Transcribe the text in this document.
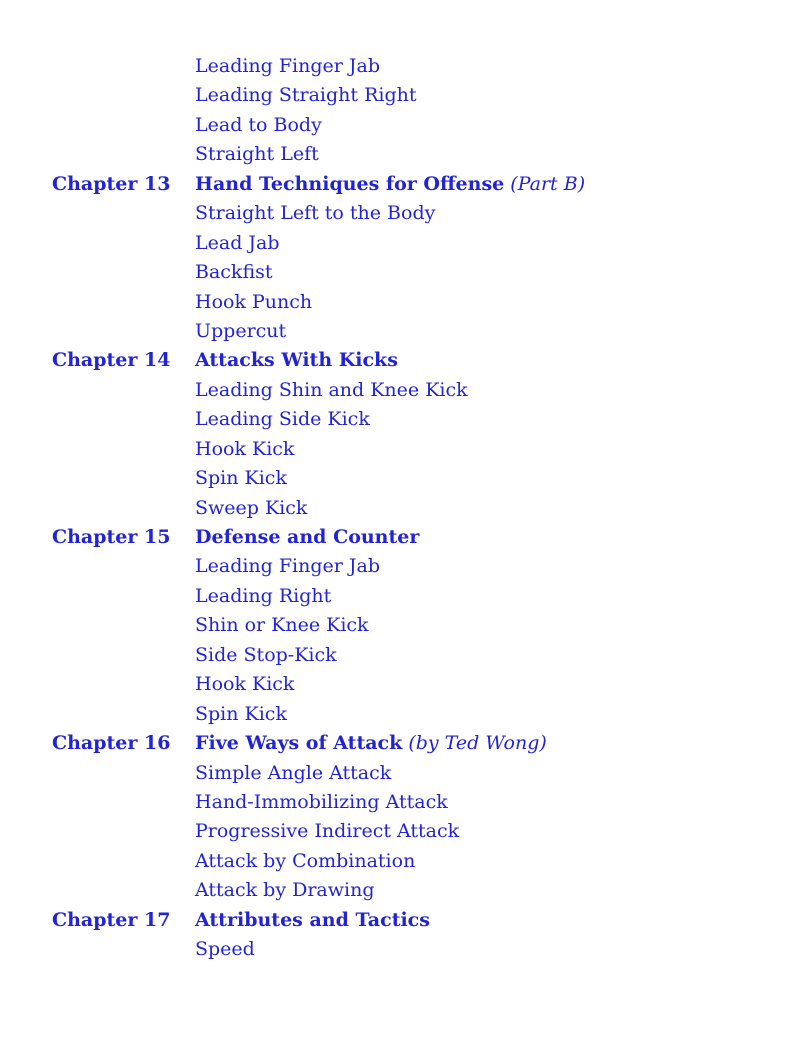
Leading Finger Jab
Leading Straight Right
Lead to Body
Straight Left
Chapter 13	Hand Techniques for Offense (Part B)
Straight Left to the Body
Lead Jab
Backfist
Hook Punch
Uppercut
Chapter 14	Attacks With Kicks
Leading Shin and Knee Kick
Leading Side Kick
Hook Kick
Spin Kick
Sweep Kick
Chapter 15	Defense and Counter
Leading Finger Jab
Leading Right
Shin or Knee Kick
Side Stop-Kick
Hook Kick
Spin Kick
Chapter 16	Five Ways of Attack (by Ted Wong)
Simple Angle Attack
Hand-Immobilizing Attack
Progressive Indirect Attack
Attack by Combination
Attack by Drawing
Chapter 17	Attributes and Tactics
Speed
